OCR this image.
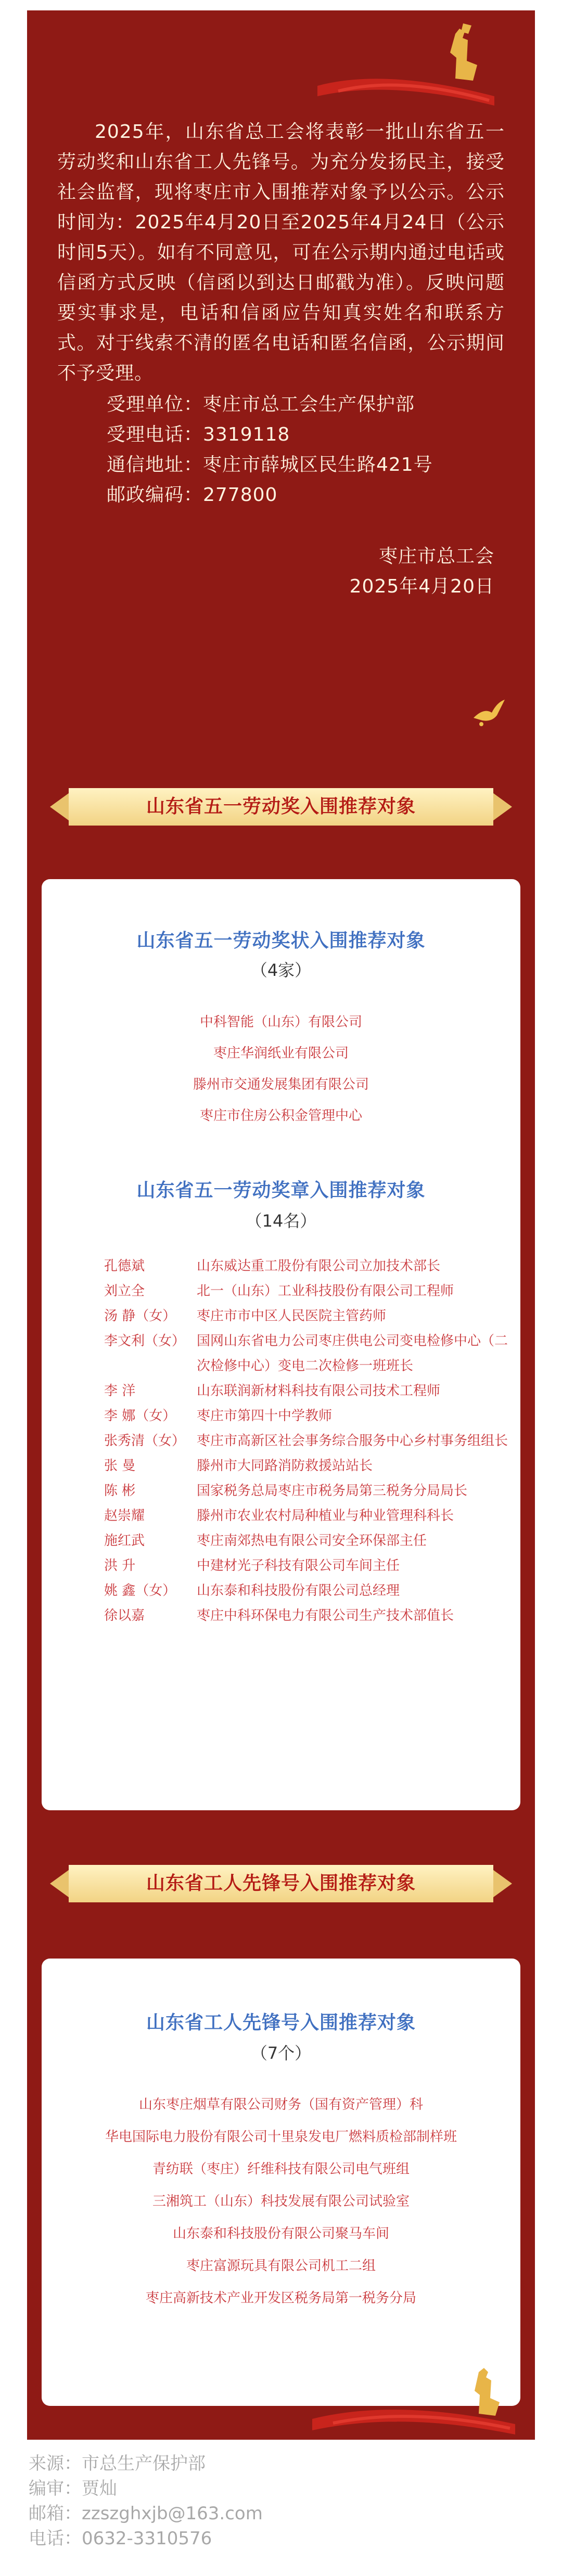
2025年，山东省总工会将表彰一批山东省五一劳动奖和山东省工人先锋号。为充分发扬民主，接受社会监督，现将枣庄市入围推荐对象予以公示。公示时间为：2025年4月20日至2025年4月24日（公示时间5天）。如有不同意见，可在公示期内通过电话或信函方式反映（信函以到达日邮戳为准）。反映问题要实事求是，电话和信函应告知真实姓名和联系方式。对于线索不清的匿名电话和匿名信函，公示期间不予受理。

受理单位：枣庄市总工会生产保护部
受理电话：3319118
通信地址：枣庄市薛城区民生路421号
邮政编码：277800
枣庄市总工会
2025年4月20日
山东省五一劳动奖入围推荐对象
山东省五一劳动奖状入围推荐对象
（4家）
中科智能（山东）有限公司
枣庄华润纸业有限公司
滕州市交通发展集团有限公司
枣庄市住房公积金管理中心
山东省五一劳动奖章入围推荐对象
（14名）
孔德斌	山东威达重工股份有限公司立加技术部长
刘立全	北一（山东）工业科技股份有限公司工程师
汤 静（女）	枣庄市市中区人民医院主管药师
李文利（女） 国网山东省电力公司枣庄供电公司变电检修中心（二次检修中心）变电二次检修一班班长
李 洋	山东联润新材料科技有限公司技术工程师
李 娜（女）	枣庄市第四十中学教师
张秀清（女） 枣庄市高新区社会事务综合服务中心乡村事务组组长
张 曼	滕州市大同路消防救援站站长
陈 彬	国家税务总局枣庄市税务局第三税务分局局长
赵崇耀	滕州市农业农村局种植业与种业管理科科长
施红武	枣庄南郊热电有限公司安全环保部主任
洪 升	中建材光子科技有限公司车间主任
姚 鑫（女）	山东泰和科技股份有限公司总经理
徐以嘉	枣庄中科环保电力有限公司生产技术部值长
山东省工人先锋号入围推荐对象
山东省工人先锋号入围推荐对象
（7个）
山东枣庄烟草有限公司财务（国有资产管理）科
华电国际电力股份有限公司十里泉发电厂燃料质检部制样班
青纺联（枣庄）纤维科技有限公司电气班组
三湘筑工（山东）科技发展有限公司试验室
山东泰和科技股份有限公司聚马车间
枣庄富源玩具有限公司机工二组
枣庄高新技术产业开发区税务局第一税务分局
来源：市总生产保护部
编审：贾灿
邮箱：zzszghxjb@163.com
电话：0632-3310576
